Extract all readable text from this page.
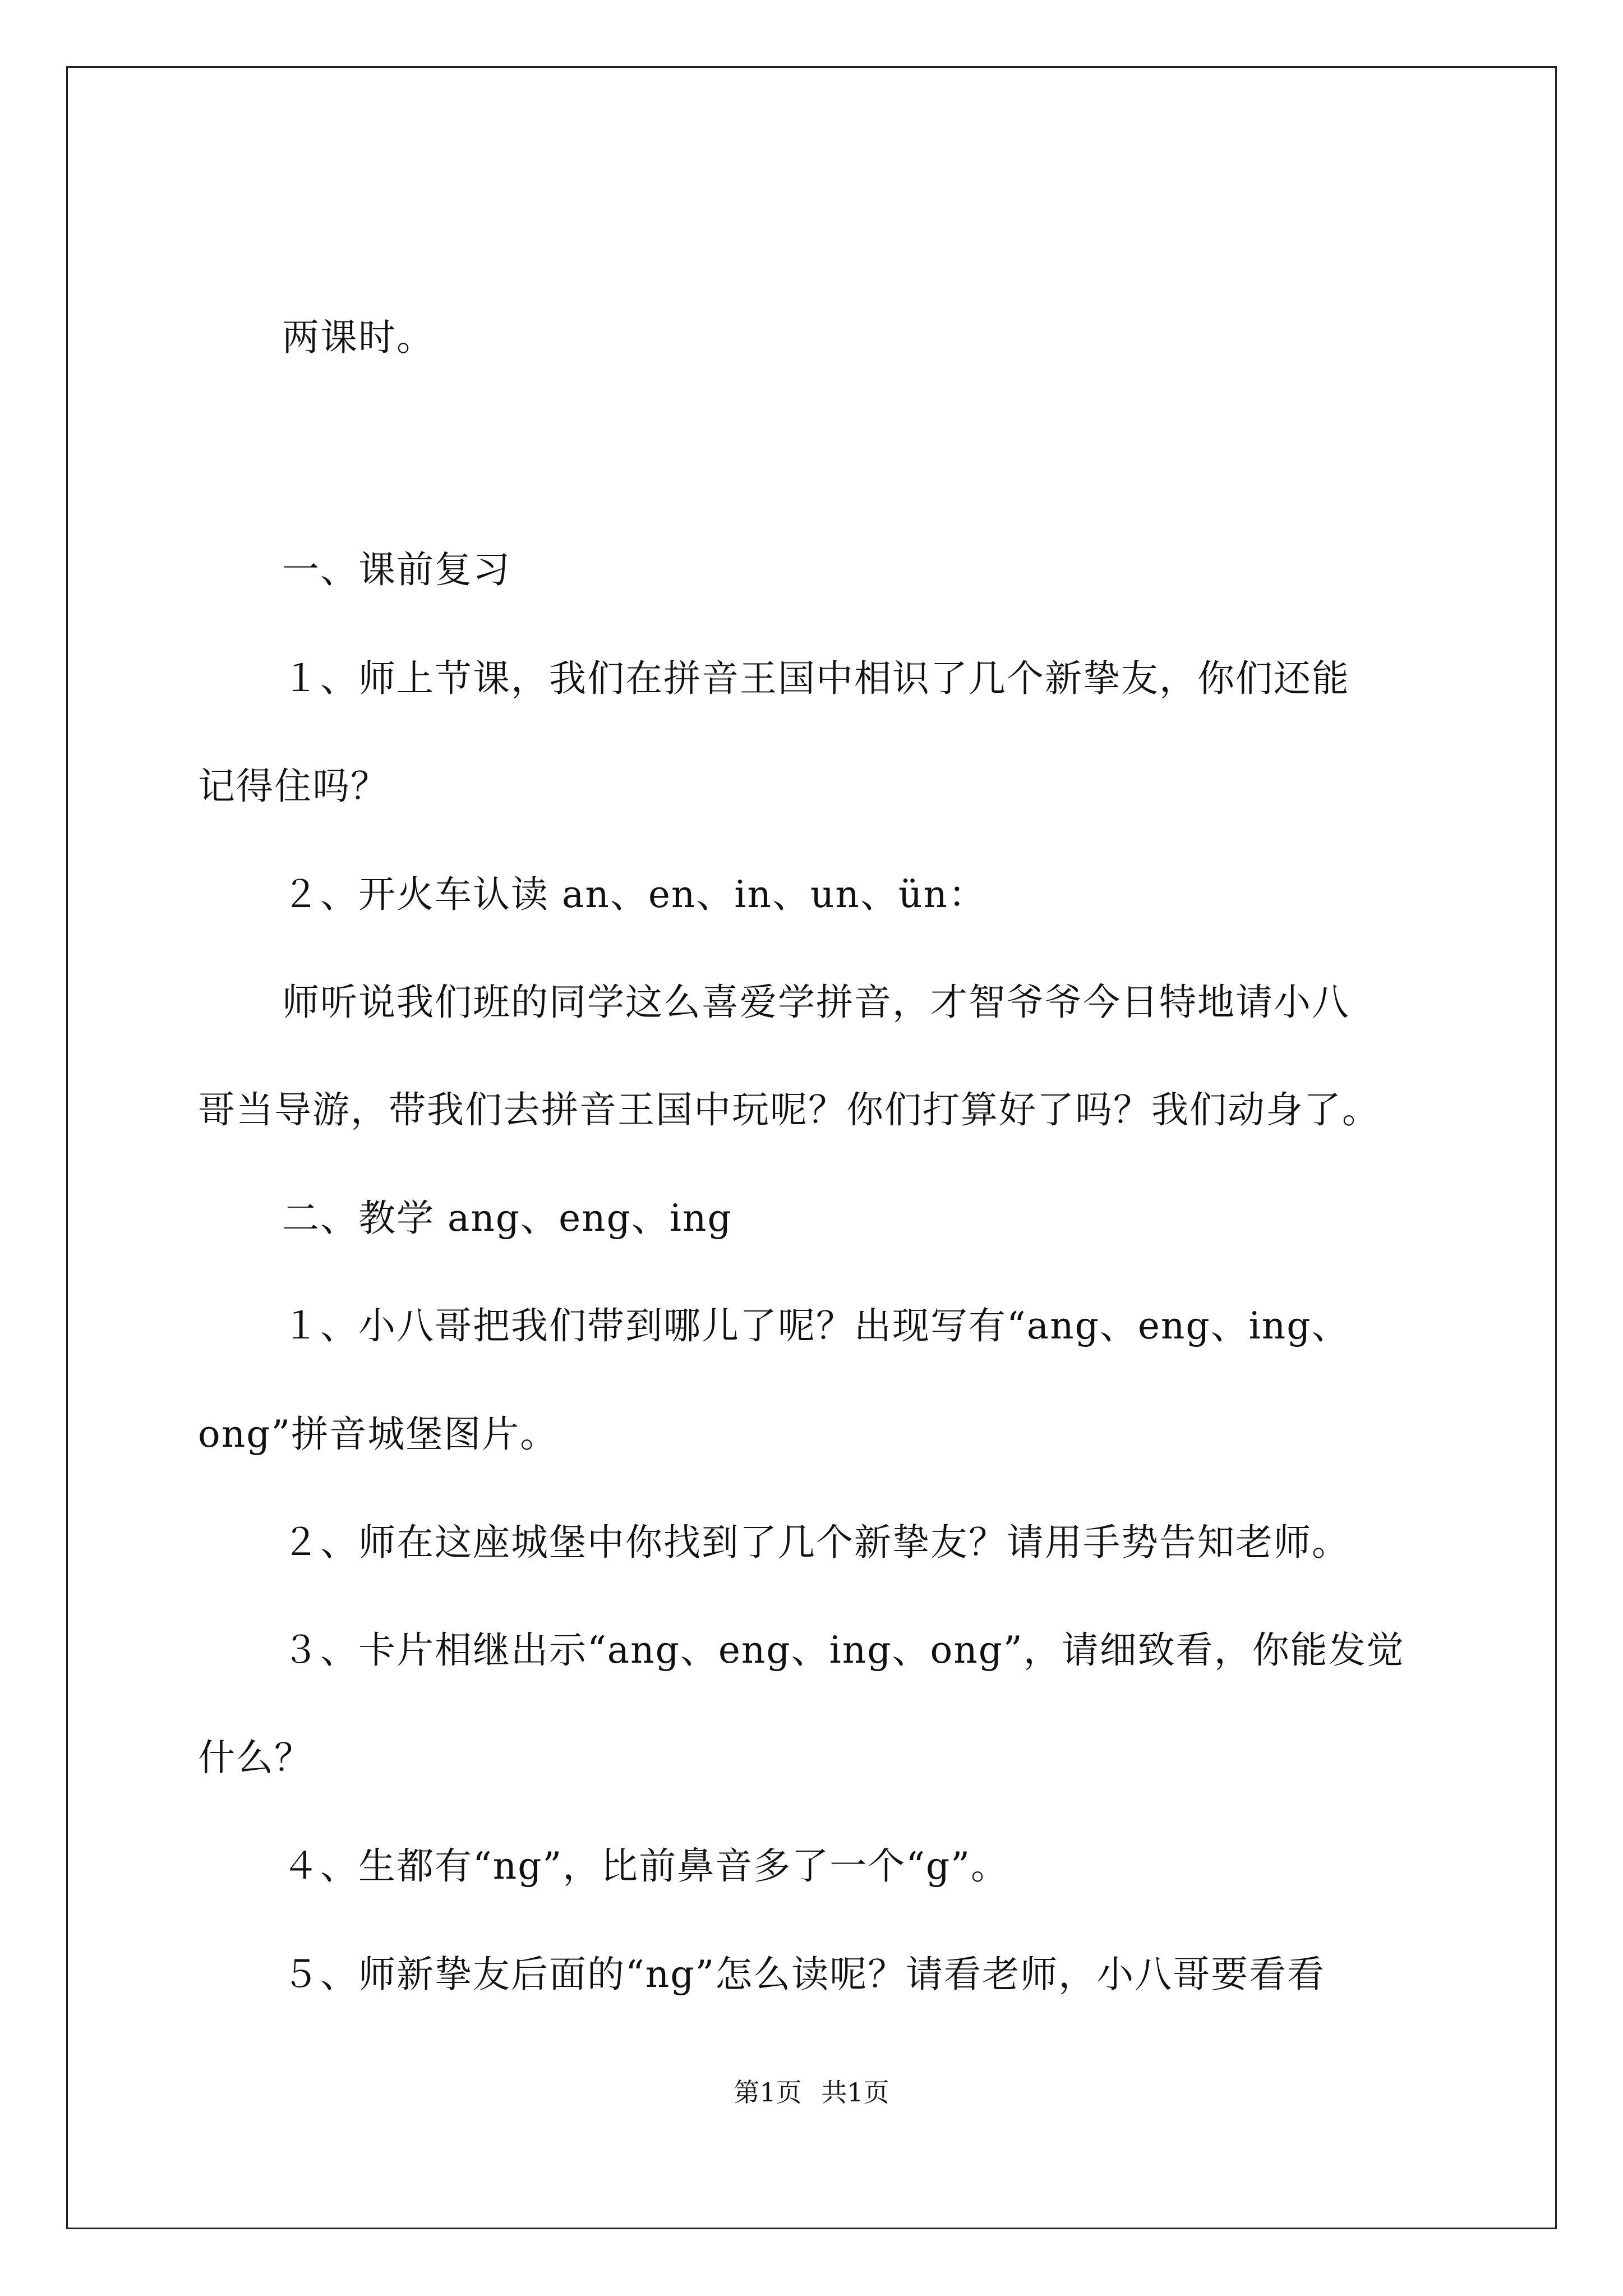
两课时。
一、课前复习
１、师上节课，我们在拼音王国中相识了几个新挚友，你们还能
记得住吗？
２、开火车认读 an、en、in、un、ün：
师听说我们班的同学这么喜爱学拼音，才智爷爷今日特地请小八
哥当导游，带我们去拼音王国中玩呢？你们打算好了吗？我们动身了。
二、教学 ang、eng、ing
１、小八哥把我们带到哪儿了呢？出现写有“ang、eng、ing、
ong”拼音城堡图片。
２、师在这座城堡中你找到了几个新挚友？请用手势告知老师。
３、卡片相继出示“ang、eng、ing、ong”，请细致看，你能发觉
什么？
４、生都有“ng”，比前鼻音多了一个“g”。
５、师新挚友后面的“ng”怎么读呢？请看老师，小八哥要看看
第1页 共1页
